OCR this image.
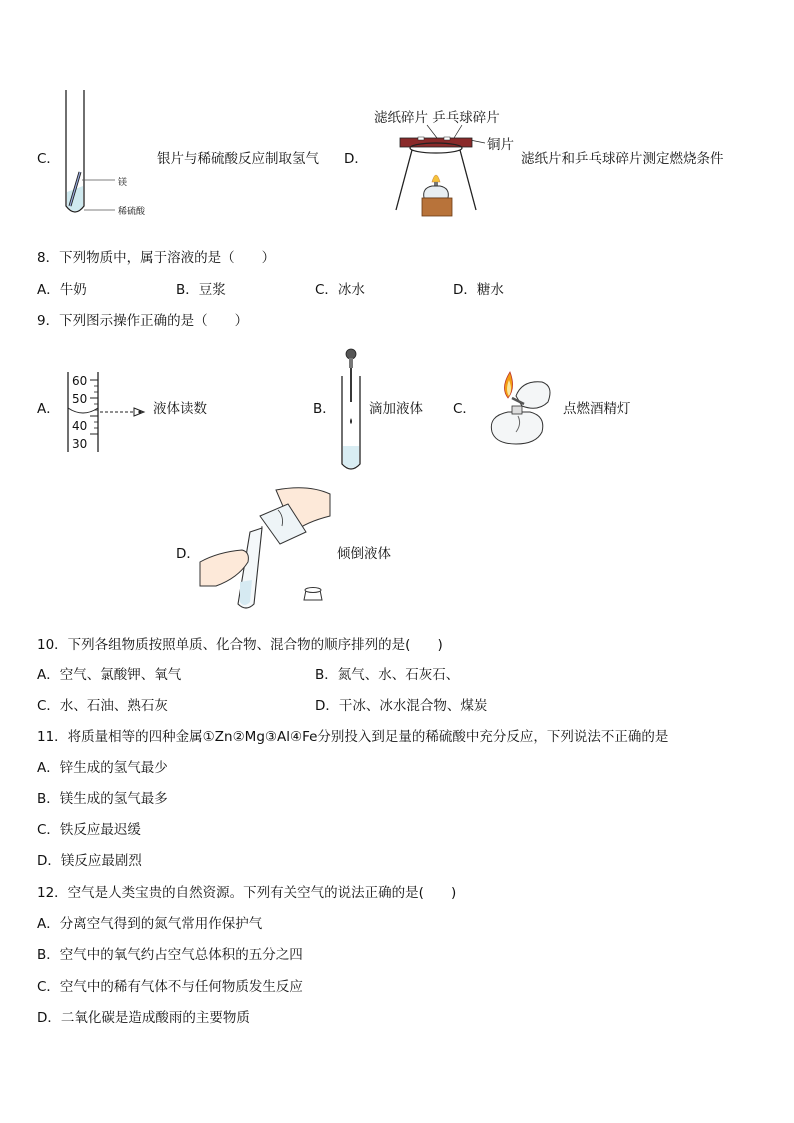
C．
镁
稀硫酸
银片与稀硫酸反应制取氢气 D．
滤纸碎片 乒乓球碎片
铜片
滤纸片和乒乓球碎片测定燃烧条件
8．下列物质中，属于溶液的是（　　）
A．牛奶	B．豆浆	C．冰水	D．糖水
9．下列图示操作正确的是（　　）
A．
60
50
40
30
液体读数	B． 滴加液体 C．	点燃酒精灯
D．	倾倒液体
10．下列各组物质按照单质、化合物、混合物的顺序排列的是(　　)
A．空气、氯酸钾、氧气	B．氮气、水、石灰石、
C．水、石油、熟石灰	D．干冰、冰水混合物、煤炭
11．将质量相等的四种金属①Zn②Mg③Al④Fe分别投入到足量的稀硫酸中充分反应，下列说法不正确的是
A．锌生成的氢气最少
B．镁生成的氢气最多
C．铁反应最迟缓
D．镁反应最剧烈
12．空气是人类宝贵的自然资源。下列有关空气的说法正确的是(　　)
A．分离空气得到的氮气常用作保护气
B．空气中的氧气约占空气总体积的五分之四
C．空气中的稀有气体不与任何物质发生反应
D．二氧化碳是造成酸雨的主要物质
